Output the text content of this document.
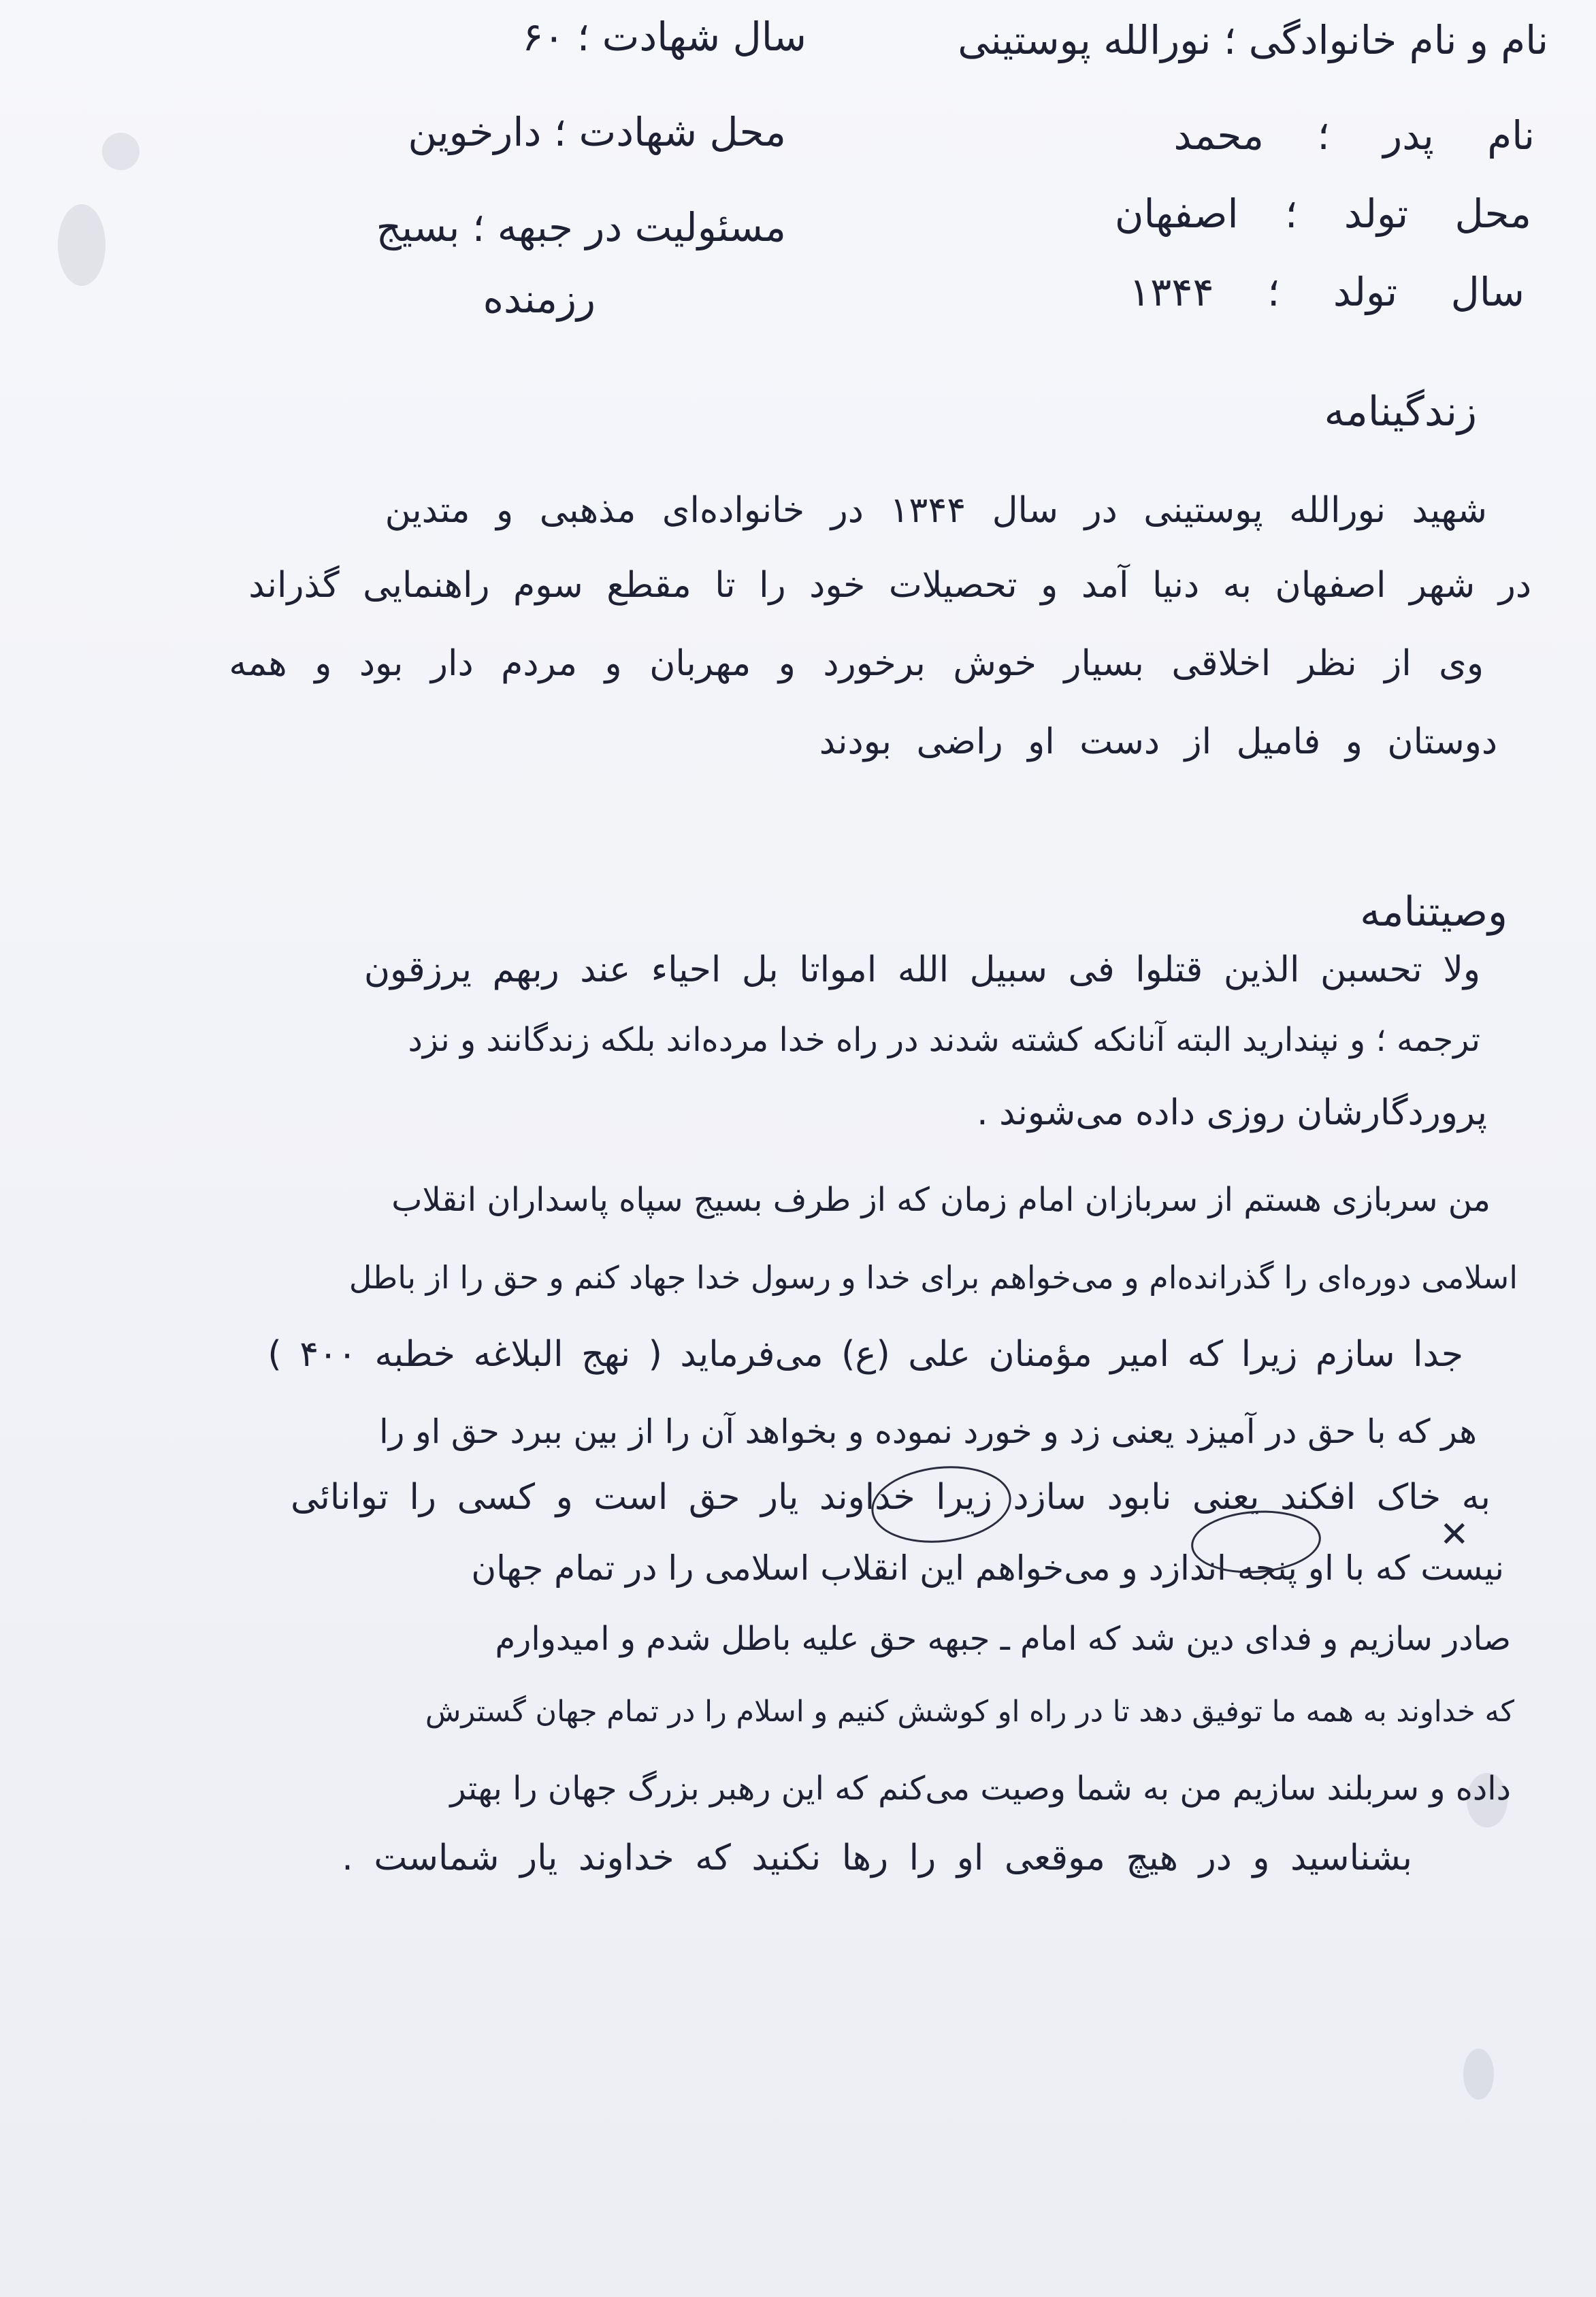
نام و نام خانوادگی ؛ نورالله پوستینی
نام پدر ؛ محمد
محل تولد ؛ اصفهان
سال تولد ؛ ۱۳۴۴
سال شهادت ؛ ۶۰
محل شهادت ؛ دارخوین
مسئولیت در جبهه ؛ بسیج
رزمنده
زندگینامه
شهید نورالله پوستینی در سال ۱۳۴۴ در خانواده‌ای مذهبی و متدین
در شهر اصفهان به دنیا آمد و تحصیلات خود را تا مقطع سوم راهنمایی گذراند
وی از نظر اخلاقی بسیار خوش برخورد و مهربان و مردم دار بود و همه
دوستان و فامیل از دست او راضی بودند
وصیتنامه
ولا تحسبن الذین قتلوا فی سبیل الله امواتا بل احیاء عند ربهم یرزقون
ترجمه ؛ و نپندارید البته آنانکه کشته شدند در راه خدا مرده‌اند بلکه زندگانند و نزد
پروردگارشان روزی داده می‌شوند .
من سربازی هستم از سربازان امام زمان که از طرف بسیج سپاه پاسداران انقلاب
اسلامی دوره‌ای را گذرانده‌ام و می‌خواهم برای خدا و رسول خدا جهاد کنم و حق را از باطل
جدا سازم زیرا که امیر مؤمنان علی (ع) می‌فرماید ( نهج البلاغه خطبه ۴۰۰ )
هر که با حق در آمیزد یعنی زد و خورد نموده و بخواهد آن را از بین ببرد حق او را
به خاک افکند یعنی نابود سازد زیرا خداوند یار حق است و کسی را توانائی
نیست که با او پنجه اندازد و می‌خواهم این انقلاب اسلامی را در تمام جهان
صادر سازیم و فدای دین شد که امام ـ جبهه حق علیه باطل شدم و امیدوارم
که خداوند به همه ما توفیق دهد تا در راه او کوشش کنیم و اسلام را در تمام جهان گسترش
داده و سربلند سازیم من به شما وصیت می‌کنم که این رهبر بزرگ جهان را بهتر
بشناسید و در هیچ موقعی او را رها نکنید که خداوند یار شماست .
✕
